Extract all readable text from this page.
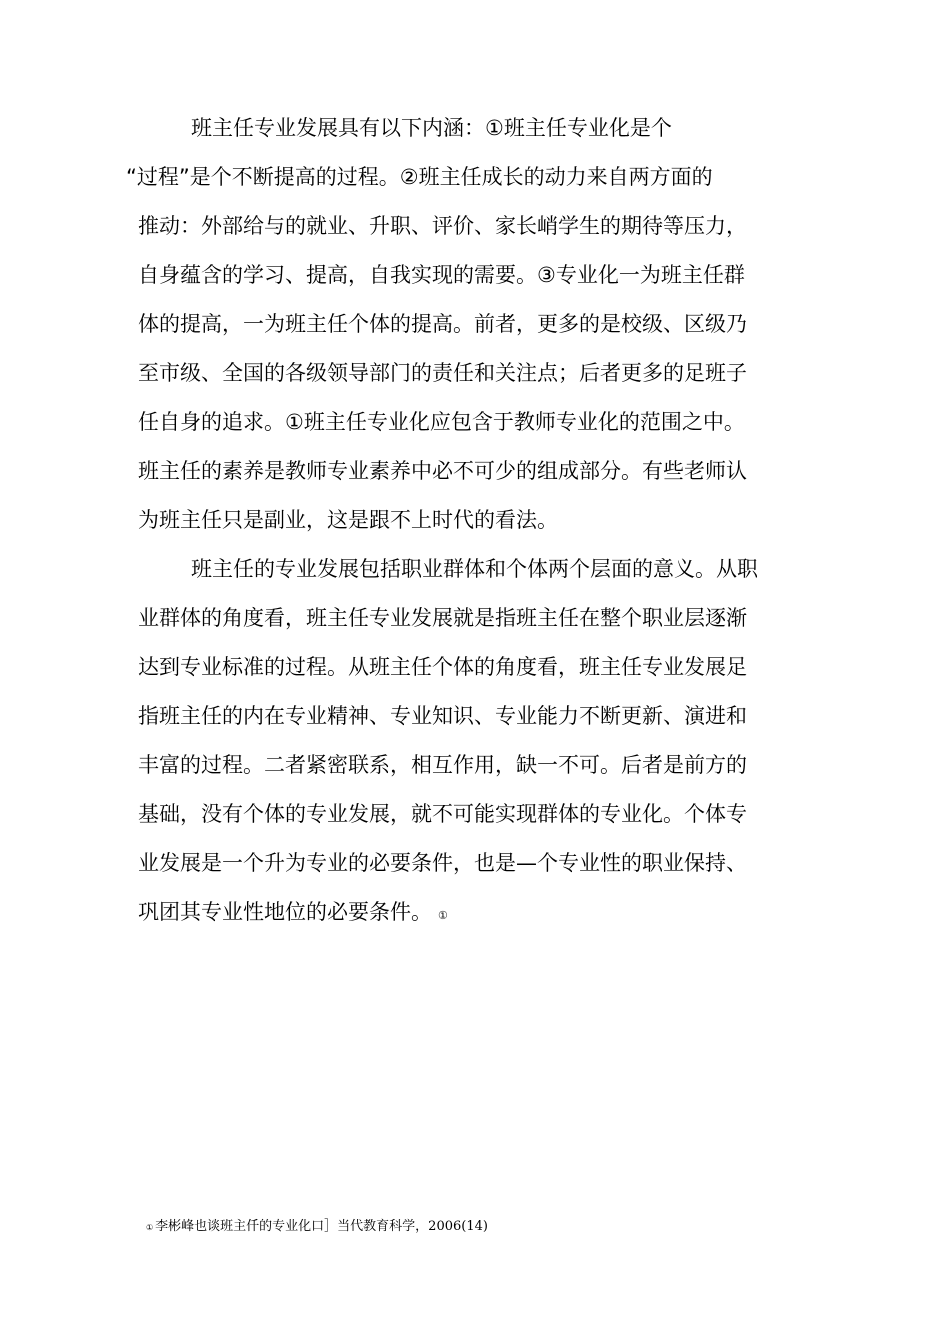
班主任专业发展具有以下内涵：①班主任专业化是个
“过程”是个不断提高的过程。②班主任成长的动力来自两方面的
推动：外部给与的就业、升职、评价、家长峭学生的期待等压力，
自身蕴含的学习、提高，自我实现的需要。③专业化一为班主任群
体的提高，一为班主任个体的提高。前者，更多的是校级、区级乃
至市级、全国的各级领导部门的责任和关注点；后者更多的足班子
任自身的追求。①班主任专业化应包含于教师专业化的范围之中。
班主任的素养是教师专业素养中必不可少的组成部分。有些老师认
为班主任只是副业，这是跟不上时代的看法。
班主任的专业发展包括职业群体和个体两个层面的意义。从职
业群体的角度看，班主任专业发展就是指班主任在整个职业层逐渐
达到专业标准的过程。从班主任个体的角度看，班主任专业发展足
指班主任的内在专业精神、专业知识、专业能力不断更新、演进和
丰富的过程。二者紧密联系，相互作用，缺一不可。后者是前方的
基础，没有个体的专业发展，就不可能实现群体的专业化。个体专
业发展是一个升为专业的必要条件，也是—个专业性的职业保持、
巩团其专业性地位的必要条件。 ①
① 李彬峰也谈班主仟的专业化口］当代教育科学，2006(14)
